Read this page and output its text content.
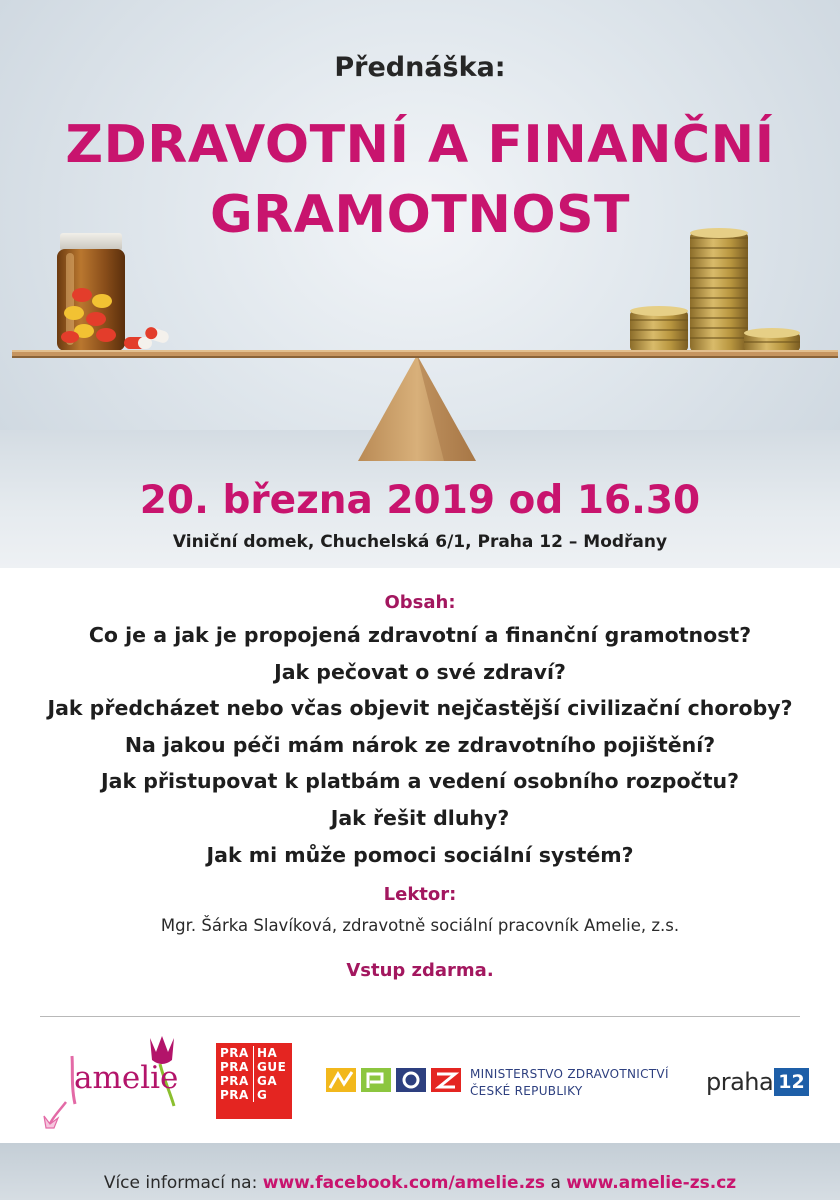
Přednáška:
ZDRAVOTNÍ A FINANČNÍ
GRAMOTNOST
20. března 2019 od 16.30
Viniční domek, Chuchelská 6/1, Praha 12 – Modřany

Obsah:

Co je a jak je propojená zdravotní a finanční gramotnost?
Jak pečovat o své zdraví?
Jak předcházet nebo včas objevit nejčastější civilizační choroby?
Na jakou péči mám nárok ze zdravotního pojištění?
Jak přistupovat k platbám a vedení osobního rozpočtu?
Jak řešit dluhy?
Jak mi může pomoci sociální systém?

Lektor:

Mgr. Šárka Slavíková, zdravotně sociální pracovník Amelie, z.s.

Vstup zdarma.

amelie
PRA HA
PRA GUE
PRA GA
PRA G
MINISTERSTVO ZDRAVOTNICTVÍ
ČESKÉ REPUBLIKY	praha 12
Více informací na: www.facebook.com/amelie.zs a www.amelie-zs.cz
